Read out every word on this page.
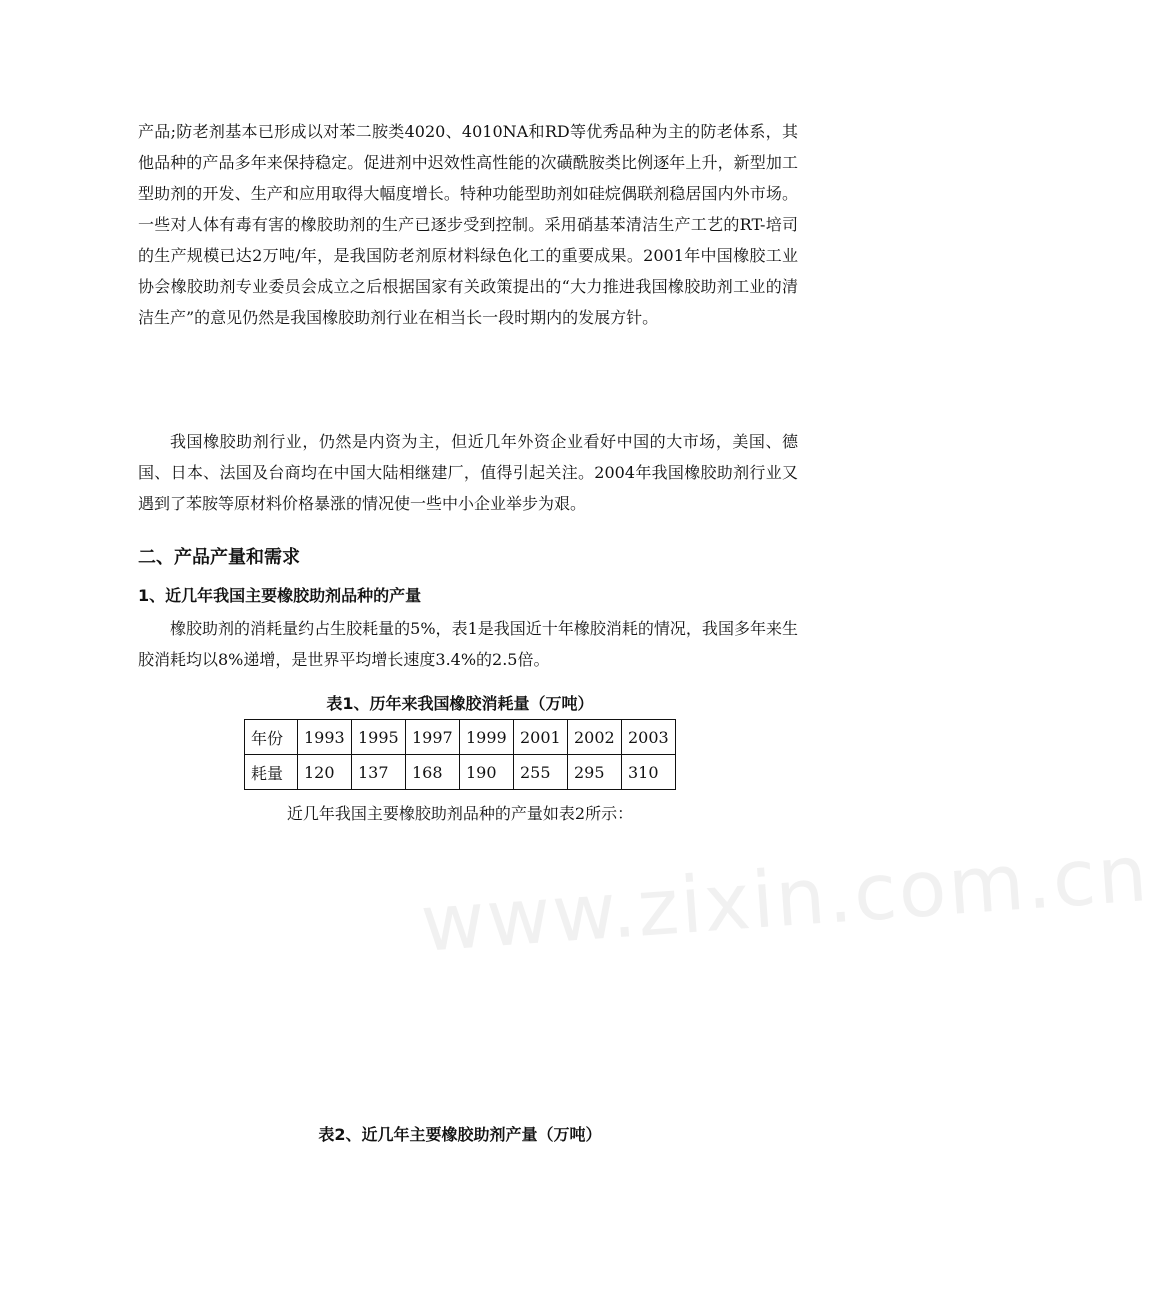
产品;防老剂基本已形成以对苯二胺类4020、4010NA和RD等优秀品种为主的防老体系，其他品种的产品多年来保持稳定。促进剂中迟效性高性能的次磺酰胺类比例逐年上升，新型加工型助剂的开发、生产和应用取得大幅度增长。特种功能型助剂如硅烷偶联剂稳居国内外市场。一些对人体有毒有害的橡胶助剂的生产已逐步受到控制。采用硝基苯清洁生产工艺的RT-培司的生产规模已达2万吨/年，是我国防老剂原材料绿色化工的重要成果。2001年中国橡胶工业协会橡胶助剂专业委员会成立之后根据国家有关政策提出的“大力推进我国橡胶助剂工业的清洁生产”的意见仍然是我国橡胶助剂行业在相当长一段时期内的发展方针。

我国橡胶助剂行业，仍然是内资为主，但近几年外资企业看好中国的大市场，美国、德国、日本、法国及台商均在中国大陆相继建厂，值得引起关注。2004年我国橡胶助剂行业又遇到了苯胺等原材料价格暴涨的情况使一些中小企业举步为艰。

二、产品产量和需求
1、近几年我国主要橡胶助剂品种的产量

橡胶助剂的消耗量约占生胶耗量的5%，表1是我国近十年橡胶消耗的情况，我国多年来生胶消耗均以8%递增，是世界平均增长速度3.4%的2.5倍。

表1、历年来我国橡胶消耗量（万吨）

年份	1993	1995	1997	1999	2001	2002	2003
耗量	120	137	168	190	255	295	310

近几年我国主要橡胶助剂品种的产量如表2所示：

www.zixin.com.cn

表2、近几年主要橡胶助剂产量（万吨）
